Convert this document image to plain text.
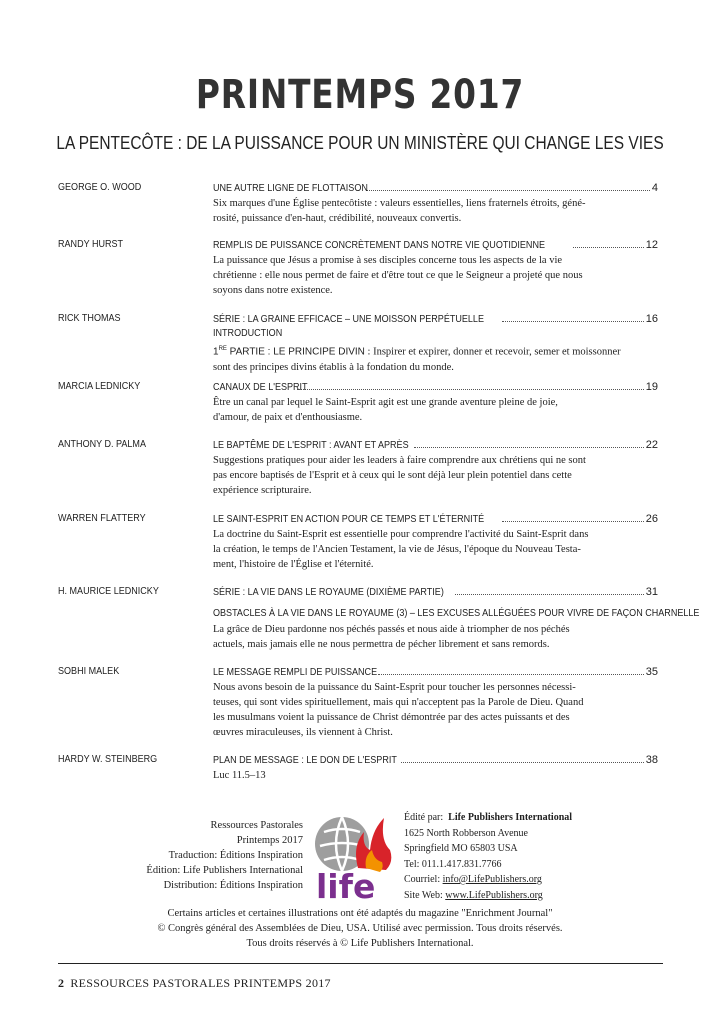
PRINTEMPS 2017
LA PENTECÔTE : DE LA PUISSANCE POUR UN MINISTÈRE QUI CHANGE LES VIES
GEORGE O. WOOD	UNE AUTRE LIGNE DE FLOTTAISON	4
Six marques d'une Église pentecôtiste : valeurs essentielles, liens fraternels étroits, géné-
rosité, puissance d'en-haut, crédibilité, nouveaux convertis.
RANDY HURST	REMPLIS DE PUISSANCE CONCRÈTEMENT DANS NOTRE VIE QUOTIDIENNE	12
La puissance que Jésus a promise à ses disciples concerne tous les aspects de la vie
chrétienne : elle nous permet de faire et d'être tout ce que le Seigneur a projeté que nous
soyons dans notre existence.
RICK THOMAS	SÉRIE : LA GRAINE EFFICACE – UNE MOISSON PERPÉTUELLE	16
INTRODUCTION
1RE PARTIE : LE PRINCIPE DIVIN : Inspirer et expirer, donner et recevoir, semer et moissonner
sont des principes divins établis à la fondation du monde.
MARCIA LEDNICKY	CANAUX DE L'ESPRIT	19
Être un canal par lequel le Saint-Esprit agit est une grande aventure pleine de joie,
d'amour, de paix et d'enthousiasme.
ANTHONY D. PALMA	LE BAPTÊME DE L'ESPRIT : AVANT ET APRÈS	22
Suggestions pratiques pour aider les leaders à faire comprendre aux chrétiens qui ne sont
pas encore baptisés de l'Esprit et à ceux qui le sont déjà leur plein potentiel dans cette
expérience scripturaire.
WARREN FLATTERY	LE SAINT-ESPRIT EN ACTION POUR CE TEMPS ET L'ÉTERNITÉ	26
La doctrine du Saint-Esprit est essentielle pour comprendre l'activité du Saint-Esprit dans
la création, le temps de l'Ancien Testament, la vie de Jésus, l'époque du Nouveau Testa-
ment, l'histoire de l'Église et l'éternité.
H. MAURICE LEDNICKY	SÉRIE : LA VIE DANS LE ROYAUME (DIXIÈME PARTIE)	31
OBSTACLES À LA VIE DANS LE ROYAUME (3) – LES EXCUSES ALLÉGUÉES POUR VIVRE DE FAÇON CHARNELLE
La grâce de Dieu pardonne nos péchés passés et nous aide à triompher de nos péchés
actuels, mais jamais elle ne nous permettra de pécher librement et sans remords.
SOBHI MALEK	LE MESSAGE REMPLI DE PUISSANCE	35
Nous avons besoin de la puissance du Saint-Esprit pour toucher les personnes nécessi-
teuses, qui sont vides spirituellement, mais qui n'acceptent pas la Parole de Dieu. Quand
les musulmans voient la puissance de Christ démontrée par des actes puissants et des
œuvres miraculeuses, ils viennent à Christ.
HARDY W. STEINBERG	PLAN DE MESSAGE : LE DON DE L'ESPRIT	38
Luc 11.5–13
Ressources Pastorales
Printemps 2017
Traduction: Éditions Inspiration
Édition: Life Publishers International
Distribution: Éditions Inspiration life
Édité par: Life Publishers International
1625 North Robberson Avenue
Springfield MO 65803 USA
Tel: 011.1.417.831.7766
Courriel: info@LifePublishers.org
Site Web: www.LifePublishers.org
Certains articles et certaines illustrations ont été adaptés du magazine "Enrichment Journal"
© Congrès général des Assemblées de Dieu, USA. Utilisé avec permission. Tous droits réservés.
Tous droits réservés à © Life Publishers International.
2 RESSOURCES PASTORALES PRINTEMPS 2017
